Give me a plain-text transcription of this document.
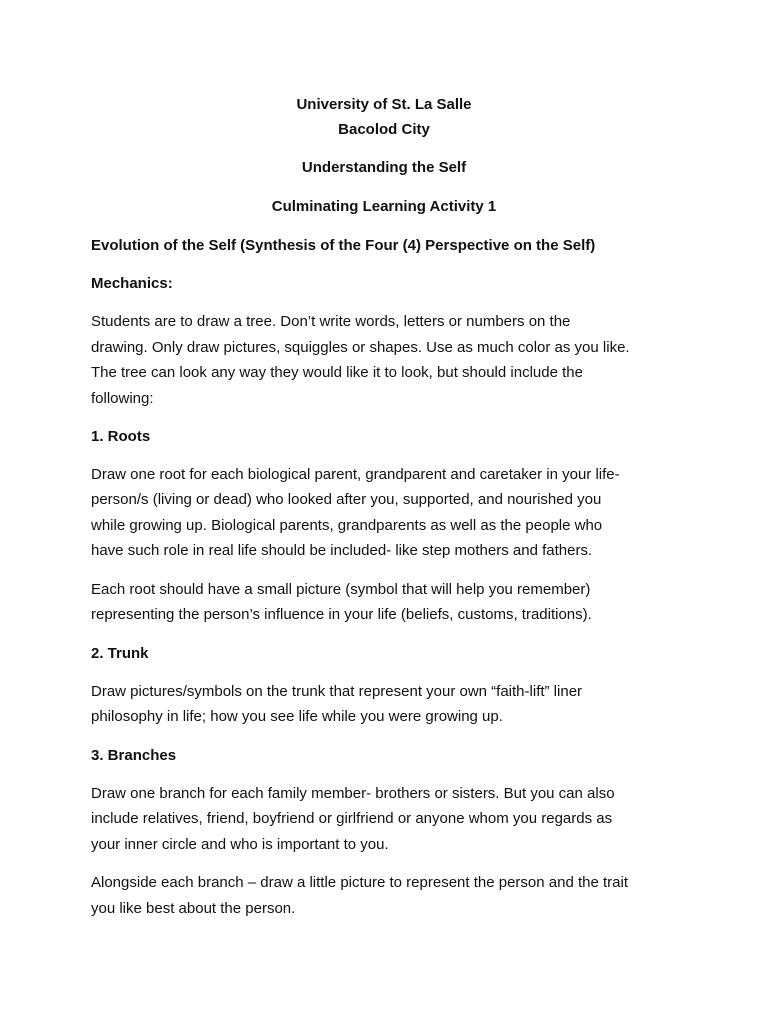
University of St. La Salle
Bacolod City
Understanding the Self
Culminating Learning Activity 1
Evolution of the Self (Synthesis of the Four (4) Perspective on the Self)
Mechanics:
Students are to draw a tree. Don’t write words, letters or numbers on the
drawing. Only draw pictures, squiggles or shapes. Use as much color as you like.
The tree can look any way they would like it to look, but should include the
following:
1. Roots
Draw one root for each biological parent, grandparent and caretaker in your life-
person/s (living or dead) who looked after you, supported, and nourished you
while growing up. Biological parents, grandparents as well as the people who
have such role in real life should be included- like step mothers and fathers.
Each root should have a small picture (symbol that will help you remember)
representing the person’s influence in your life (beliefs, customs, traditions).
2. Trunk
Draw pictures/symbols on the trunk that represent your own “faith-lift” liner
philosophy in life; how you see life while you were growing up.
3. Branches
Draw one branch for each family member- brothers or sisters. But you can also
include relatives, friend, boyfriend or girlfriend or anyone whom you regards as
your inner circle and who is important to you.
Alongside each branch – draw a little picture to represent the person and the trait
you like best about the person.
